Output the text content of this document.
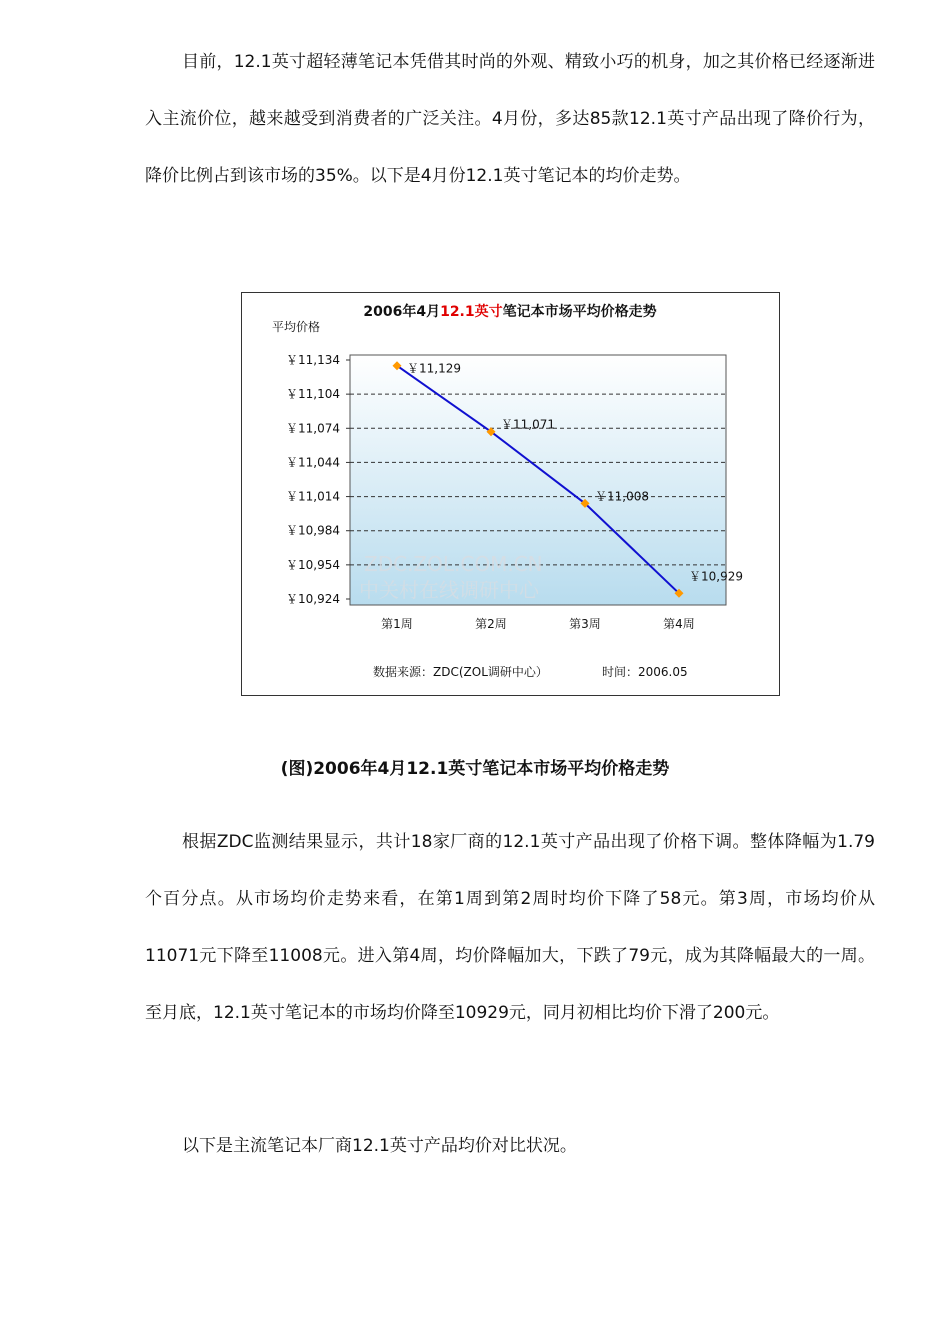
目前，12.1英寸超轻薄笔记本凭借其时尚的外观、精致小巧的机身，加之其价格已经逐渐进入主流价位，越来越受到消费者的广泛关注。4月份，多达85款12.1英寸产品出现了降价行为，降价比例占到该市场的35%。以下是4月份12.1英寸笔记本的均价走势。

2006年4月12.1英寸笔记本市场平均价格走势
平均价格
￥11,134
￥11,104
￥11,074
￥11,044
￥11,014
￥10,984
￥10,954
￥10,924
第1周	第2周	第3周	第4周
ZDC.ZOL.COM.CN
中关村在线调研中心
￥11,129
￥11,071
￥11,008
￥10,929
数据来源：ZDC(ZOL调研中心）	时间：2006.05

(图)2006年4月12.1英寸笔记本市场平均价格走势

根据ZDC监测结果显示，共计18家厂商的12.1英寸产品出现了价格下调。整体降幅为1.79个百分点。从市场均价走势来看，在第1周到第2周时均价下降了58元。第3周，市场均价从11071元下降至11008元。进入第4周，均价降幅加大，下跌了79元，成为其降幅最大的一周。至月底，12.1英寸笔记本的市场均价降至10929元，同月初相比均价下滑了200元。

以下是主流笔记本厂商12.1英寸产品均价对比状况。
